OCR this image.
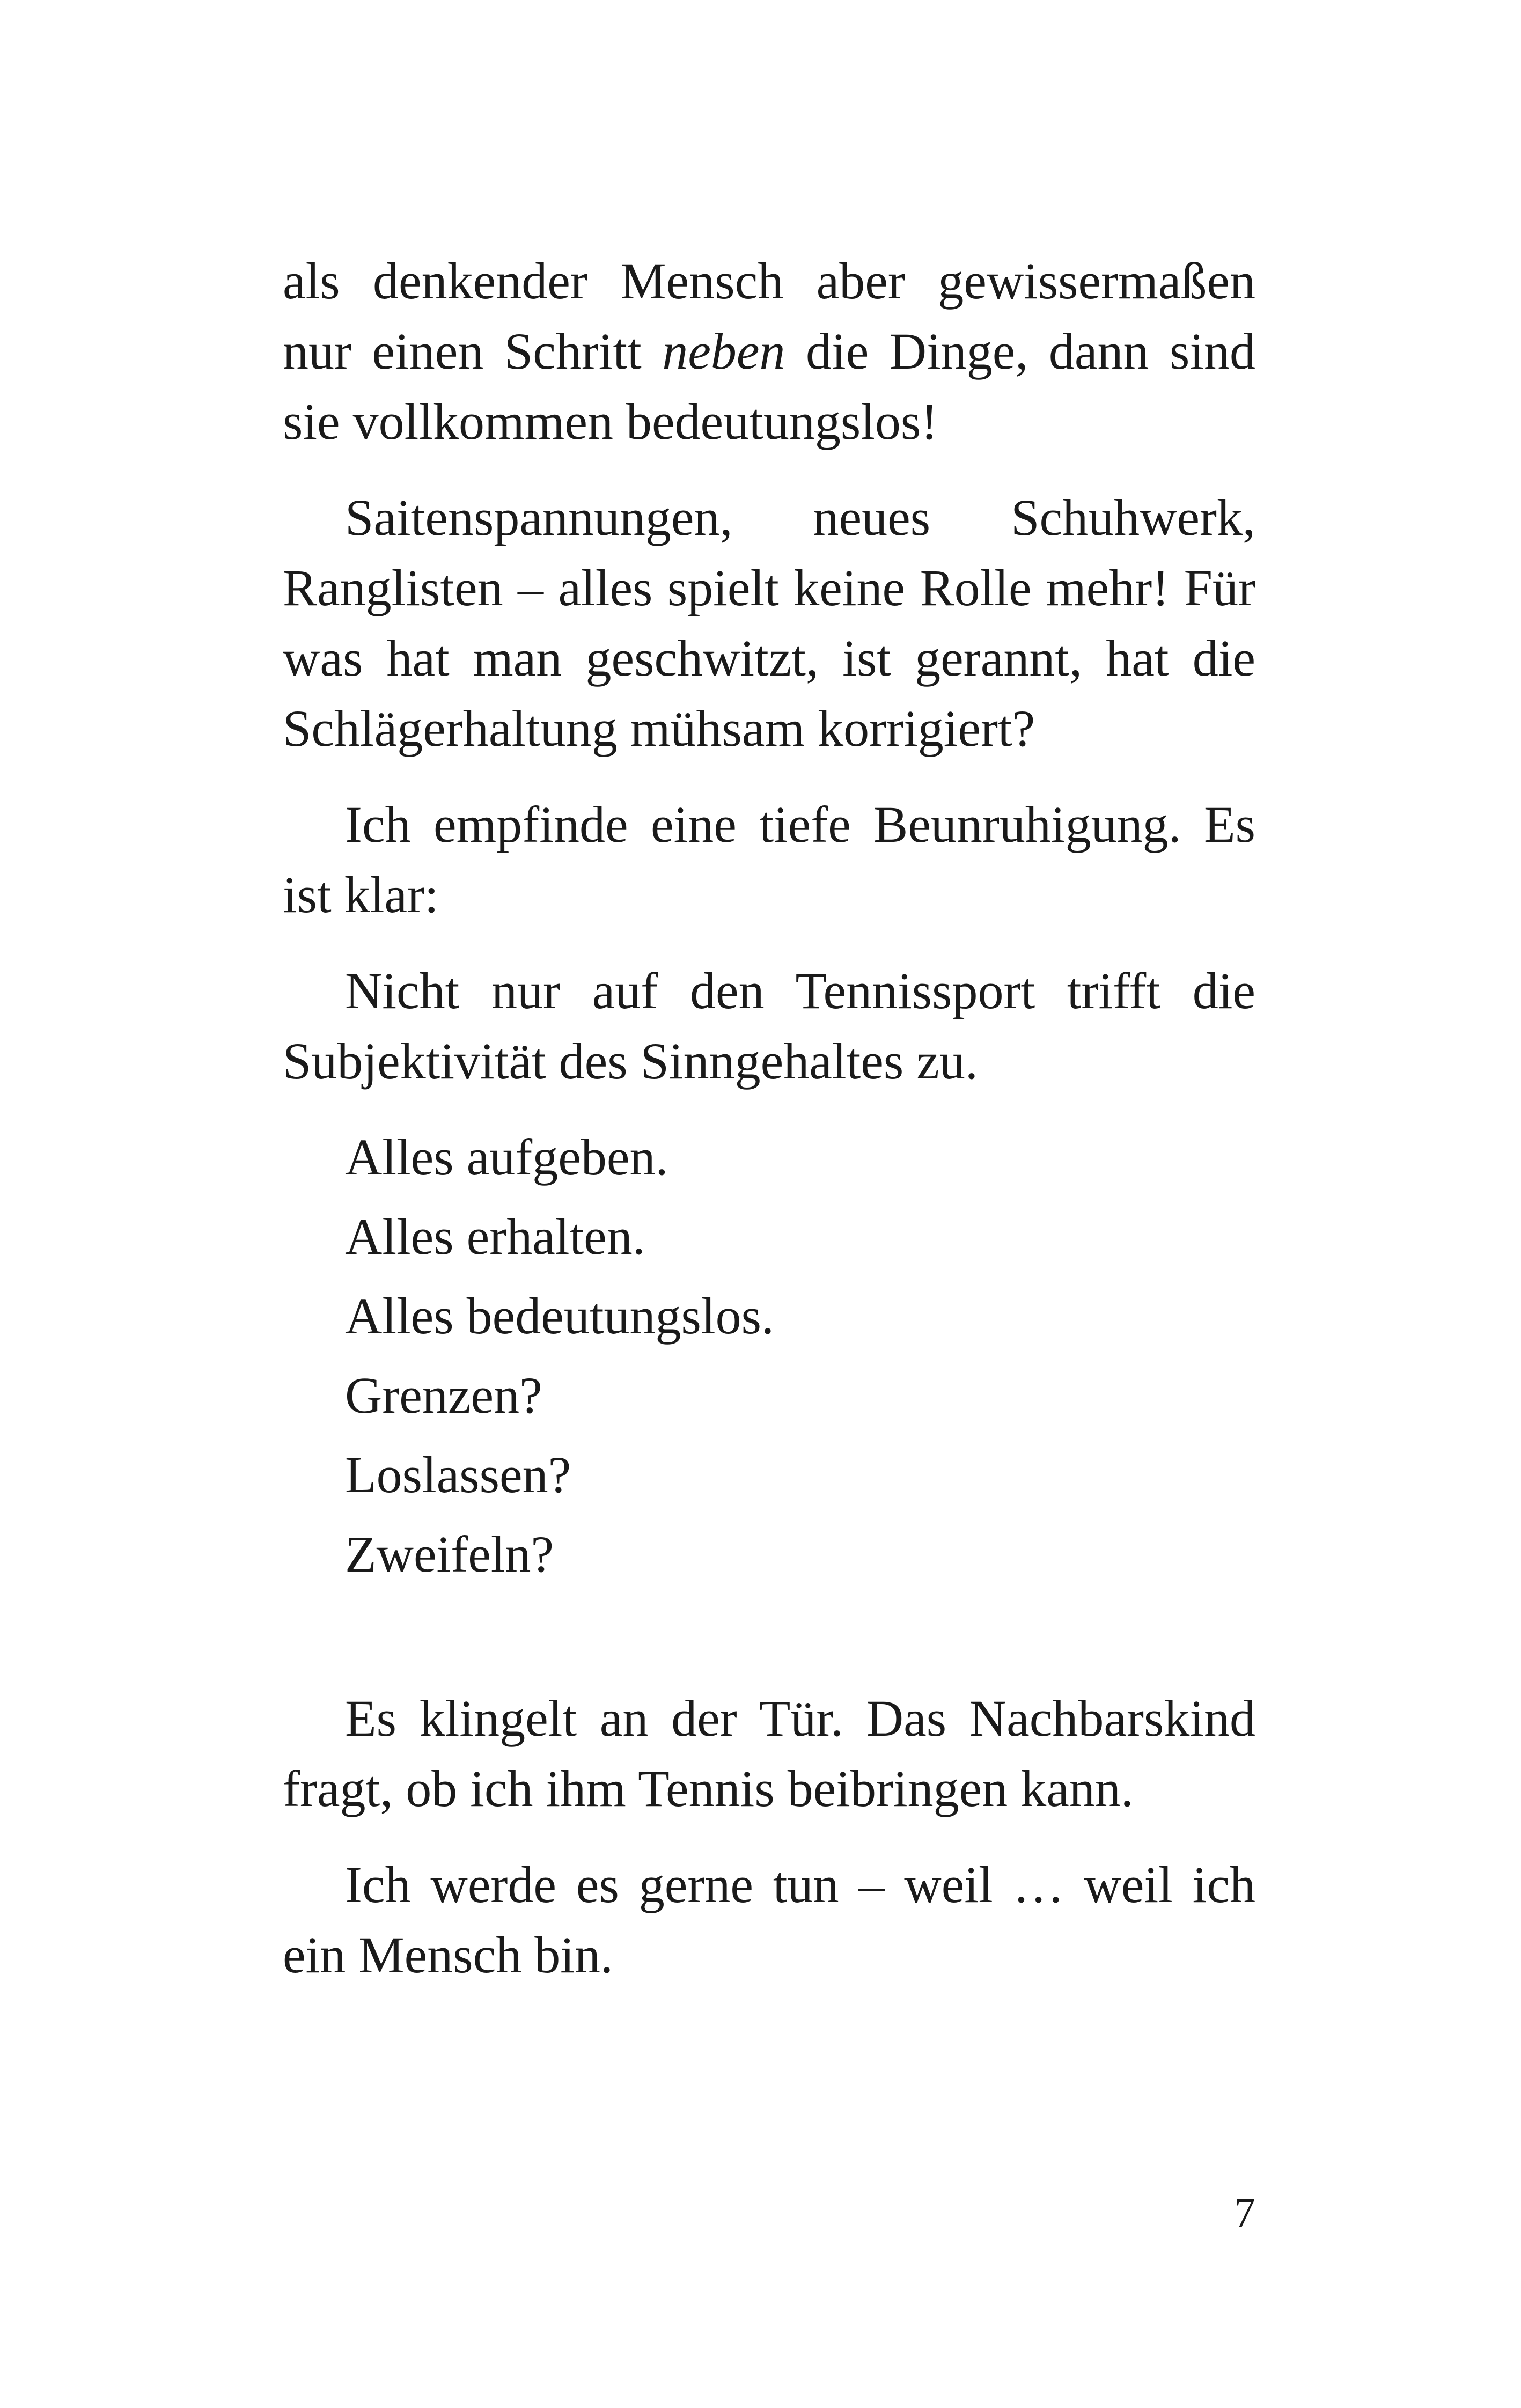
als denkender Mensch aber gewissermaßen nur einen Schritt neben die Dinge, dann sind sie vollkommen bedeutungslos!

Saitenspannungen, neues Schuhwerk, Ranglisten – alles spielt keine Rolle mehr! Für was hat man geschwitzt, ist gerannt, hat die Schlägerhaltung mühsam korrigiert?

Ich empfinde eine tiefe Beunruhigung. Es ist klar:

Nicht nur auf den Tennissport trifft die Subjektivität des Sinngehaltes zu.

Alles aufgeben.
Alles erhalten.
Alles bedeutungslos.
Grenzen?
Loslassen?
Zweifeln?

Es klingelt an der Tür. Das Nachbarskind fragt, ob ich ihm Tennis beibringen kann.

Ich werde es gerne tun – weil … weil ich ein Mensch bin.

7
